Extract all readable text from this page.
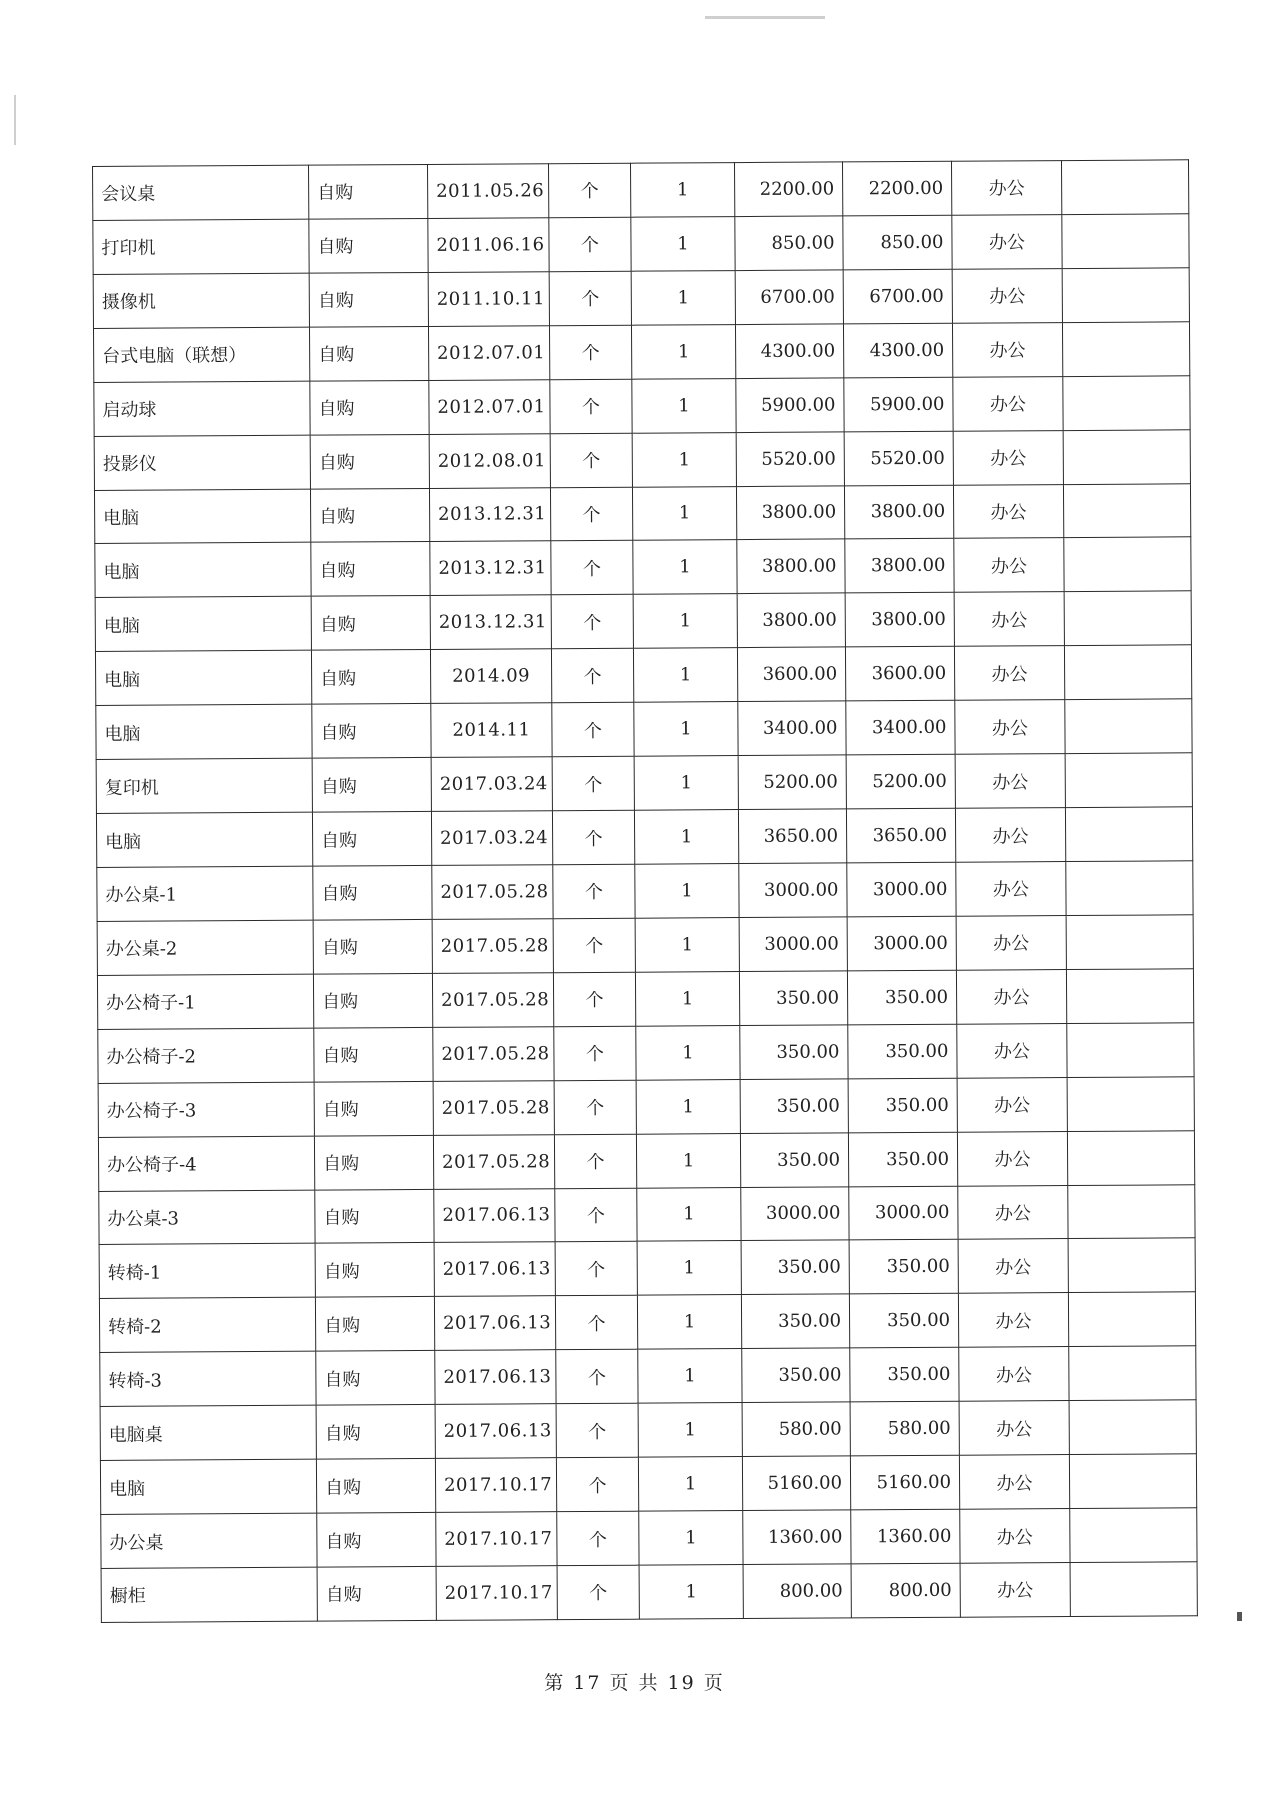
会议桌	自购	2011.05.26	个	1	2200.00	2200.00	办公	
打印机	自购	2011.06.16	个	1	850.00	850.00	办公	
摄像机	自购	2011.10.11	个	1	6700.00	6700.00	办公	
台式电脑（联想）	自购	2012.07.01	个	1	4300.00	4300.00	办公	
启动球	自购	2012.07.01	个	1	5900.00	5900.00	办公	
投影仪	自购	2012.08.01	个	1	5520.00	5520.00	办公	
电脑	自购	2013.12.31	个	1	3800.00	3800.00	办公	
电脑	自购	2013.12.31	个	1	3800.00	3800.00	办公	
电脑	自购	2013.12.31	个	1	3800.00	3800.00	办公	
电脑	自购	2014.09	个	1	3600.00	3600.00	办公	
电脑	自购	2014.11	个	1	3400.00	3400.00	办公	
复印机	自购	2017.03.24	个	1	5200.00	5200.00	办公	
电脑	自购	2017.03.24	个	1	3650.00	3650.00	办公	
办公桌-1	自购	2017.05.28	个	1	3000.00	3000.00	办公	
办公桌-2	自购	2017.05.28	个	1	3000.00	3000.00	办公	
办公椅子-1	自购	2017.05.28	个	1	350.00	350.00	办公	
办公椅子-2	自购	2017.05.28	个	1	350.00	350.00	办公	
办公椅子-3	自购	2017.05.28	个	1	350.00	350.00	办公	
办公椅子-4	自购	2017.05.28	个	1	350.00	350.00	办公	
办公桌-3	自购	2017.06.13	个	1	3000.00	3000.00	办公	
转椅-1	自购	2017.06.13	个	1	350.00	350.00	办公	
转椅-2	自购	2017.06.13	个	1	350.00	350.00	办公	
转椅-3	自购	2017.06.13	个	1	350.00	350.00	办公	
电脑桌	自购	2017.06.13	个	1	580.00	580.00	办公	
电脑	自购	2017.10.17	个	1	5160.00	5160.00	办公	
办公桌	自购	2017.10.17	个	1	1360.00	1360.00	办公	
橱柜	自购	2017.10.17	个	1	800.00	800.00	办公	
第 17 页 共 19 页
